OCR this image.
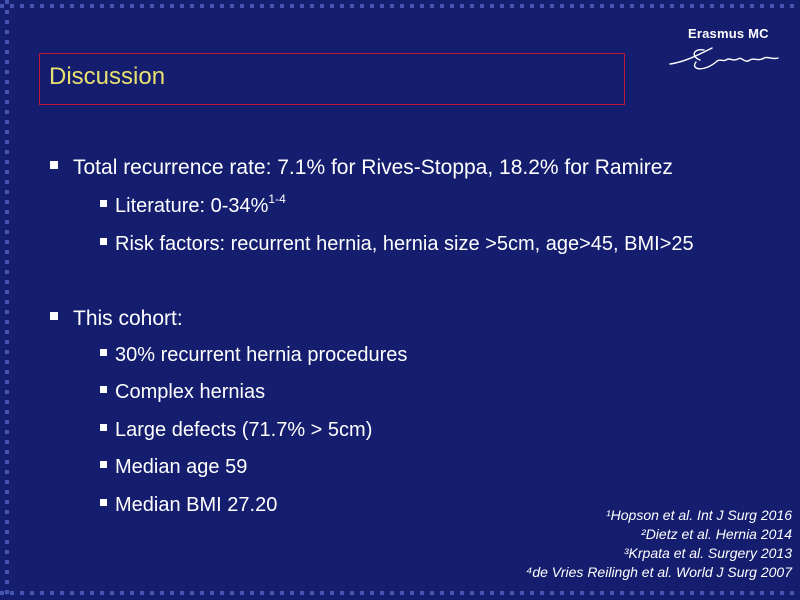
Erasmus MC
Discussion
Total recurrence rate: 7.1% for Rives-Stoppa, 18.2% for Ramirez
Literature: 0-34%$^{1-4}$
Risk factors: recurrent hernia, hernia size >5cm, age>45, BMI>25
This cohort:
30% recurrent hernia procedures
Complex hernias
Large defects (71.7% > 5cm)
Median age 59
Median BMI 27.20	¹Hopson et al. Int J Surg 2016
²Dietz et al. Hernia 2014
³Krpata et al. Surgery 2013
⁴de Vries Reilingh et al. World J Surg 2007
